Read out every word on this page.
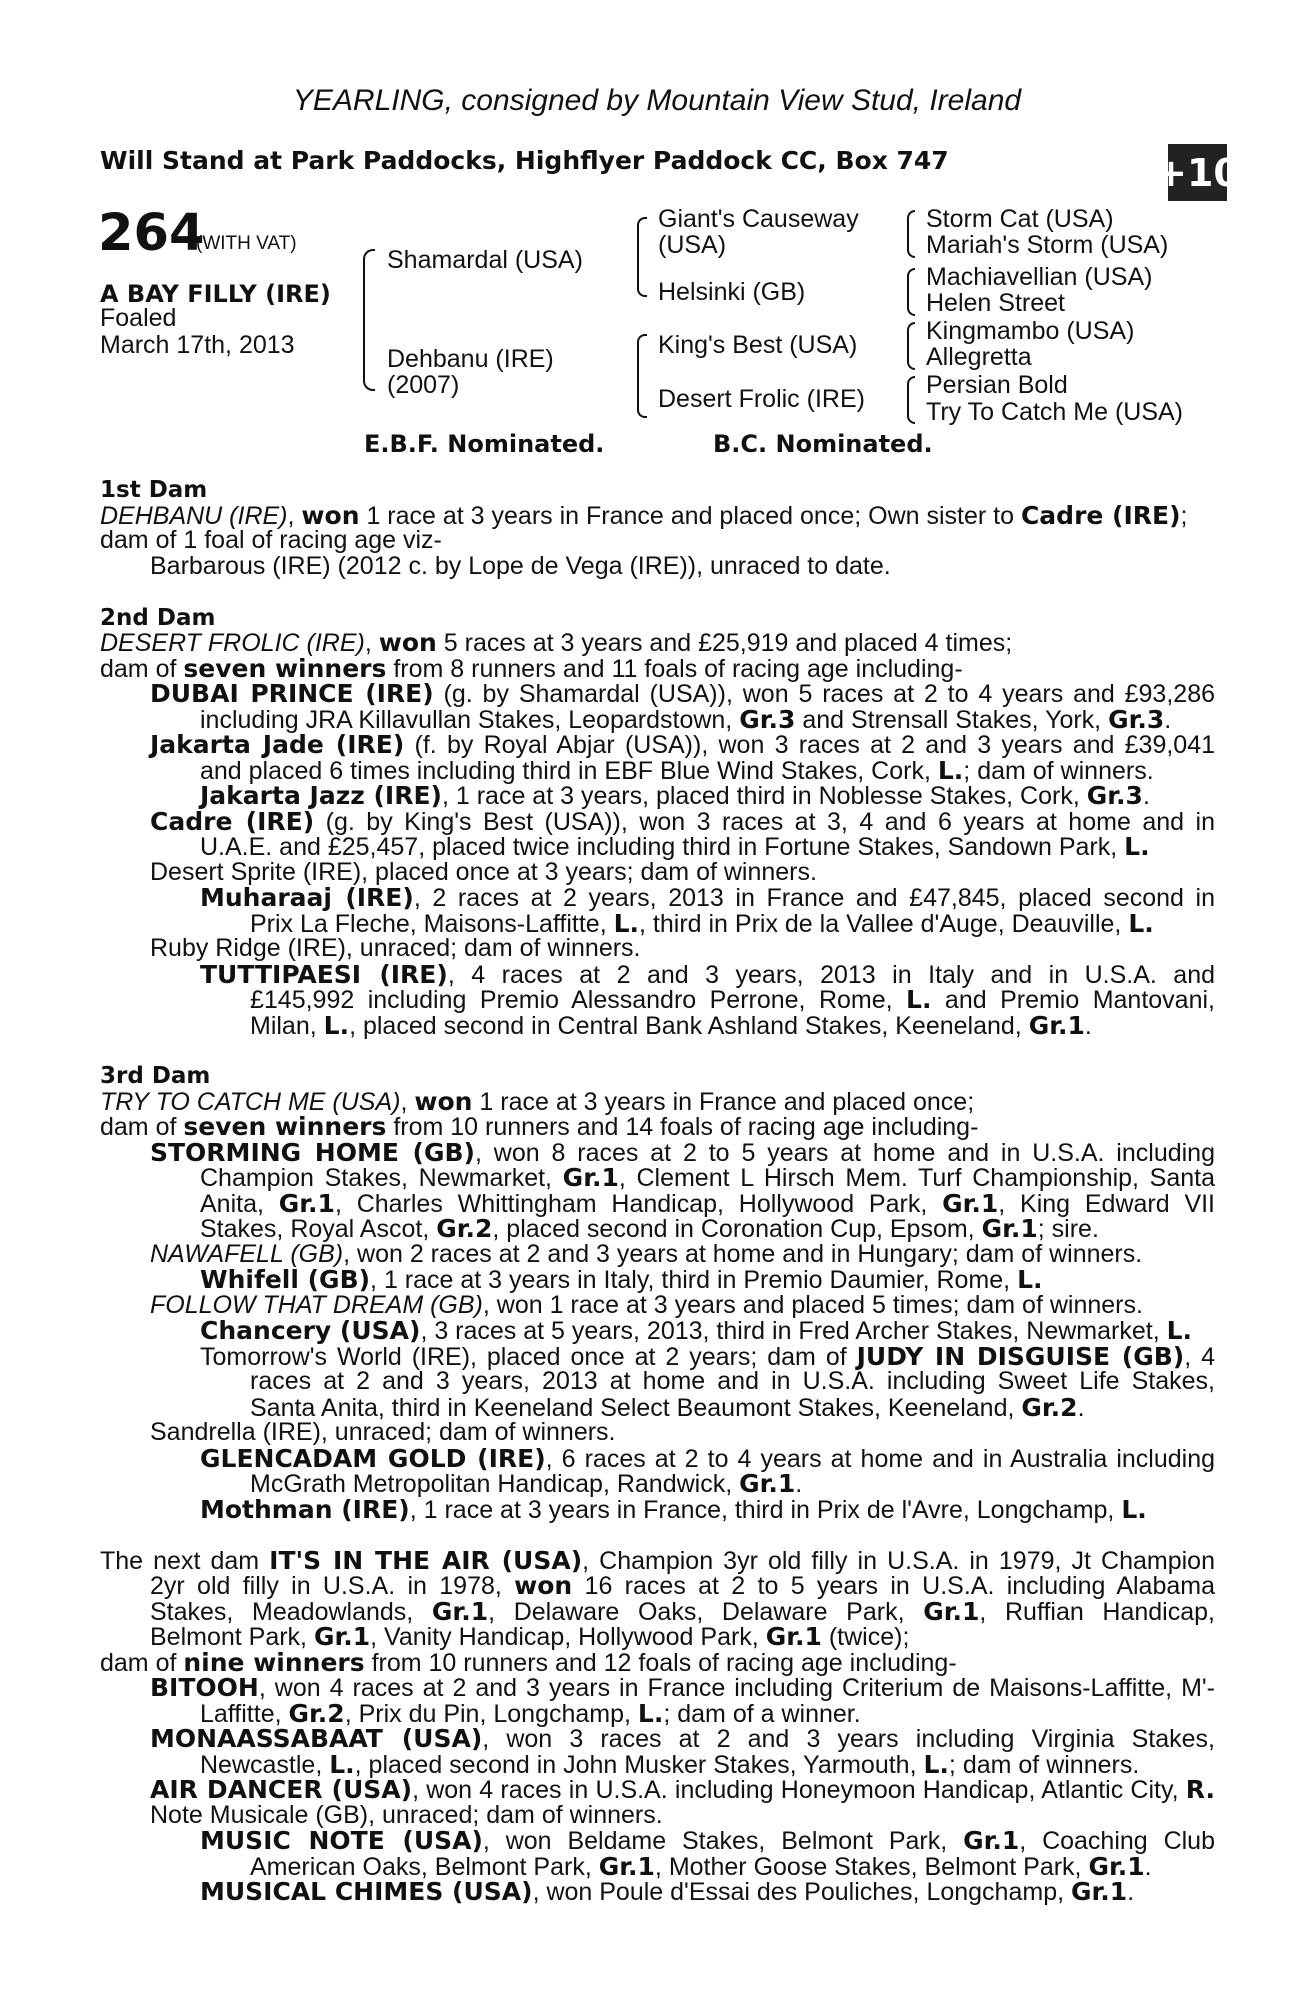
YEARLING, consigned by Mountain View Stud, Ireland
Will Stand at Park Paddocks, Highflyer Paddock CC, Box 747	+10
264
(WITH VAT)
A BAY FILLY (IRE)
Foaled
March 17th, 2013
Shamardal (USA)
Dehbanu (IRE)
(2007)
Giant's Causeway
(USA)
Helsinki (GB)
King's Best (USA)
Desert Frolic (IRE)
Storm Cat (USA)
Mariah's Storm (USA)
Machiavellian (USA)
Helen Street
Kingmambo (USA)
Allegretta
Persian Bold
Try To Catch Me (USA)
E.B.F. Nominated.	B.C. Nominated.
1st Dam
DEHBANU (IRE), won 1 race at 3 years in France and placed once; Own sister to Cadre (IRE);
dam of 1 foal of racing age viz-
Barbarous (IRE) (2012 c. by Lope de Vega (IRE)), unraced to date.
2nd Dam
DESERT FROLIC (IRE), won 5 races at 3 years and £25,919 and placed 4 times;
dam of seven winners from 8 runners and 11 foals of racing age including-
DUBAI PRINCE (IRE) (g. by Shamardal (USA)), won 5 races at 2 to 4 years and £93,286
including JRA Killavullan Stakes, Leopardstown, Gr.3 and Strensall Stakes, York, Gr.3.
Jakarta Jade (IRE) (f. by Royal Abjar (USA)), won 3 races at 2 and 3 years and £39,041
and placed 6 times including third in EBF Blue Wind Stakes, Cork, L.; dam of winners.
Jakarta Jazz (IRE), 1 race at 3 years, placed third in Noblesse Stakes, Cork, Gr.3.
Cadre (IRE) (g. by King's Best (USA)), won 3 races at 3, 4 and 6 years at home and in
U.A.E. and £25,457, placed twice including third in Fortune Stakes, Sandown Park, L.
Desert Sprite (IRE), placed once at 3 years; dam of winners.
Muharaaj (IRE), 2 races at 2 years, 2013 in France and £47,845, placed second in
Prix La Fleche, Maisons-Laffitte, L., third in Prix de la Vallee d'Auge, Deauville, L.
Ruby Ridge (IRE), unraced; dam of winners.
TUTTIPAESI (IRE), 4 races at 2 and 3 years, 2013 in Italy and in U.S.A. and
£145,992 including Premio Alessandro Perrone, Rome, L. and Premio Mantovani,
Milan, L., placed second in Central Bank Ashland Stakes, Keeneland, Gr.1.
3rd Dam
TRY TO CATCH ME (USA), won 1 race at 3 years in France and placed once;
dam of seven winners from 10 runners and 14 foals of racing age including-
STORMING HOME (GB), won 8 races at 2 to 5 years at home and in U.S.A. including
Champion Stakes, Newmarket, Gr.1, Clement L Hirsch Mem. Turf Championship, Santa
Anita, Gr.1, Charles Whittingham Handicap, Hollywood Park, Gr.1, King Edward VII
Stakes, Royal Ascot, Gr.2, placed second in Coronation Cup, Epsom, Gr.1; sire.
NAWAFELL (GB), won 2 races at 2 and 3 years at home and in Hungary; dam of winners.
Whifell (GB), 1 race at 3 years in Italy, third in Premio Daumier, Rome, L.
FOLLOW THAT DREAM (GB), won 1 race at 3 years and placed 5 times; dam of winners.
Chancery (USA), 3 races at 5 years, 2013, third in Fred Archer Stakes, Newmarket, L.
Tomorrow's World (IRE), placed once at 2 years; dam of JUDY IN DISGUISE (GB), 4
races at 2 and 3 years, 2013 at home and in U.S.A. including Sweet Life Stakes,
Santa Anita, third in Keeneland Select Beaumont Stakes, Keeneland, Gr.2.
Sandrella (IRE), unraced; dam of winners.
GLENCADAM GOLD (IRE), 6 races at 2 to 4 years at home and in Australia including
McGrath Metropolitan Handicap, Randwick, Gr.1.
Mothman (IRE), 1 race at 3 years in France, third in Prix de l'Avre, Longchamp, L.
The next dam IT'S IN THE AIR (USA), Champion 3yr old filly in U.S.A. in 1979, Jt Champion
2yr old filly in U.S.A. in 1978, won 16 races at 2 to 5 years in U.S.A. including Alabama
Stakes, Meadowlands, Gr.1, Delaware Oaks, Delaware Park, Gr.1, Ruffian Handicap,
Belmont Park, Gr.1, Vanity Handicap, Hollywood Park, Gr.1 (twice);
dam of nine winners from 10 runners and 12 foals of racing age including-
BITOOH, won 4 races at 2 and 3 years in France including Criterium de Maisons-Laffitte, M'-
Laffitte, Gr.2, Prix du Pin, Longchamp, L.; dam of a winner.
MONAASSABAAT (USA), won 3 races at 2 and 3 years including Virginia Stakes,
Newcastle, L., placed second in John Musker Stakes, Yarmouth, L.; dam of winners.
AIR DANCER (USA), won 4 races in U.S.A. including Honeymoon Handicap, Atlantic City, R.
Note Musicale (GB), unraced; dam of winners.
MUSIC NOTE (USA), won Beldame Stakes, Belmont Park, Gr.1, Coaching Club
American Oaks, Belmont Park, Gr.1, Mother Goose Stakes, Belmont Park, Gr.1.
MUSICAL CHIMES (USA), won Poule d'Essai des Pouliches, Longchamp, Gr.1.
